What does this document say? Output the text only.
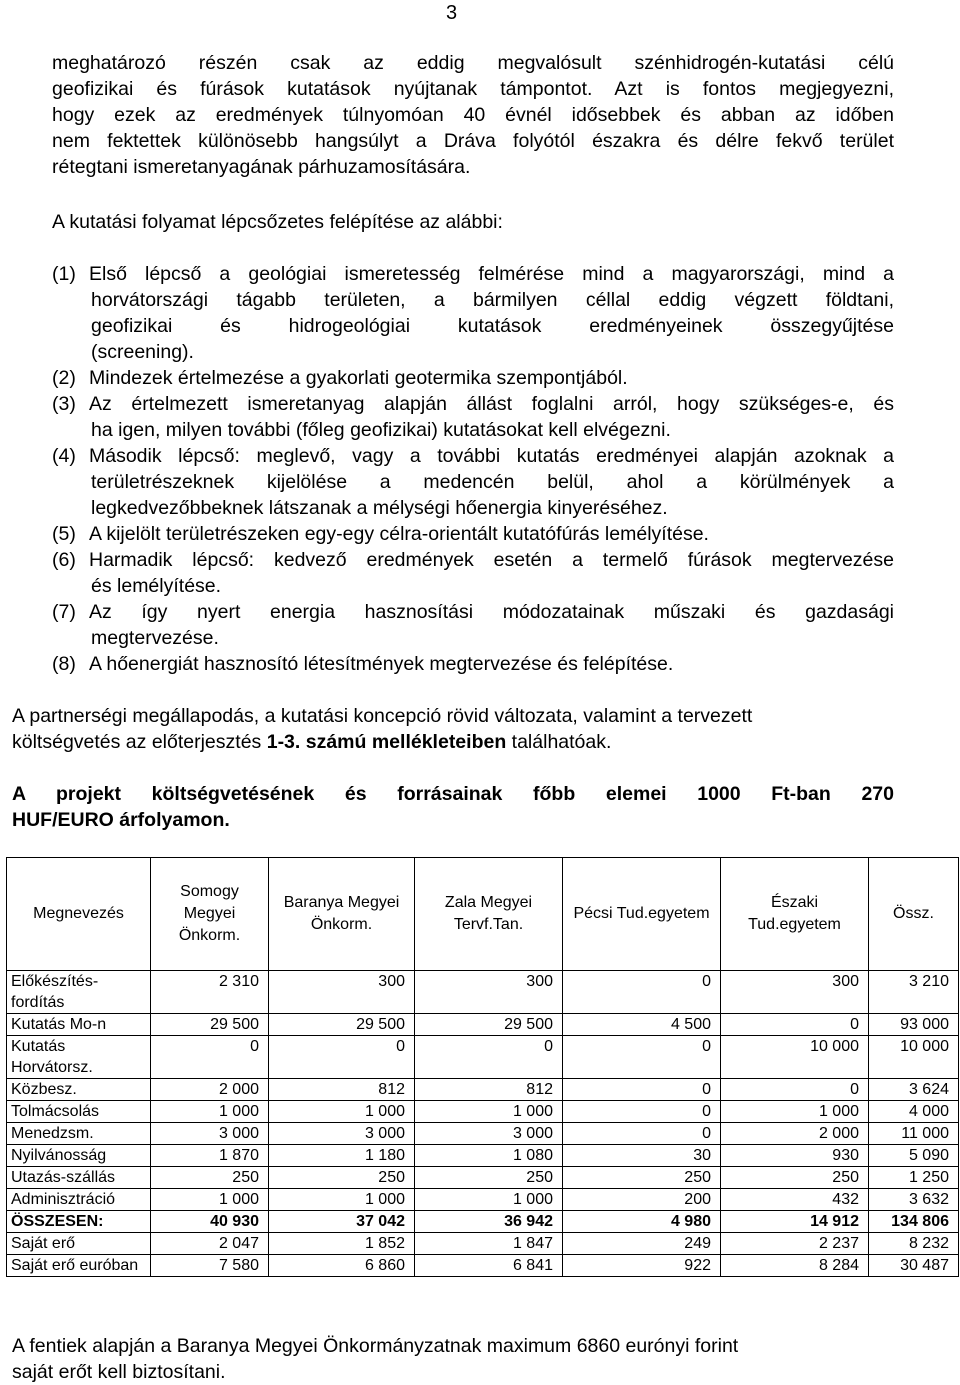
3

meghatározó részén csak az eddig megvalósult szénhidrogén-kutatási célú
geofizikai és fúrások kutatások nyújtanak támpontot. Azt is fontos megjegyezni,
hogy ezek az eredmények túlnyomóan 40 évnél idősebbek és abban az időben
nem fektettek különösebb hangsúlyt a Dráva folyótól északra és délre fekvő terület
rétegtani ismeretanyagának párhuzamosítására.

A kutatási folyamat lépcsőzetes felépítése az alábbi:

(1) Első lépcső a geológiai ismeretesség felmérése mind a magyarországi, mind a
horvátországi tágabb területen, a bármilyen céllal eddig végzett földtani,
geofizikai és hidrogeológiai kutatások eredményeinek összegyűjtése
(screening).
(2) Mindezek értelmezése a gyakorlati geotermika szempontjából.
(3) Az értelmezett ismeretanyag alapján állást foglalni arról, hogy szükséges-e, és
ha igen, milyen további (főleg geofizikai) kutatásokat kell elvégezni.
(4) Második lépcső: meglevő, vagy a további kutatás eredményei alapján azoknak a
területrészeknek kijelölése a medencén belül, ahol a körülmények a
legkedvezőbbeknek látszanak a mélységi hőenergia kinyeréséhez.
(5) A kijelölt területrészeken egy-egy célra-orientált kutatófúrás lemélyítése.
(6) Harmadik lépcső: kedvező eredmények esetén a termelő fúrások megtervezése
és lemélyítése.
(7) Az így nyert energia hasznosítási módozatainak műszaki és gazdasági
megtervezése.
(8) A hőenergiát hasznosító létesítmények megtervezése és felépítése.

A partnerségi megállapodás, a kutatási koncepció rövid változata, valamint a tervezett
költségvetés az előterjesztés 1-3. számú mellékleteiben találhatóak.

A projekt költségvetésének és forrásainak főbb elemei 1000 Ft-ban 270
HUF/EURO árfolyamon.

Megnevezés	Somogy Megyei Önkorm.	Baranya Megyei Önkorm.	Zala Megyei Tervf.Tan.	Pécsi Tud.egyetem	Északi Tud.egyetem	Össz.
Előkészítés-fordítás	2 310	300	300	0	300	3 210
Kutatás Mo-n	29 500	29 500	29 500	4 500	0	93 000
Kutatás Horvátorsz.	0	0	0	0	10 000	10 000
Közbesz.	2 000	812	812	0	0	3 624
Tolmácsolás	1 000	1 000	1 000	0	1 000	4 000
Menedzsm.	3 000	3 000	3 000	0	2 000	11 000
Nyilvánosság	1 870	1 180	1 080	30	930	5 090
Utazás-szállás	250	250	250	250	250	1 250
Adminisztráció	1 000	1 000	1 000	200	432	3 632
ÖSSZESEN:	40 930	37 042	36 942	4 980	14 912	134 806
Saját erő	2 047	1 852	1 847	249	2 237	8 232
Saját erő euróban	7 580	6 860	6 841	922	8 284	30 487

A fentiek alapján a Baranya Megyei Önkormányzatnak maximum 6860 eurónyi forint
saját erőt kell biztosítani.
